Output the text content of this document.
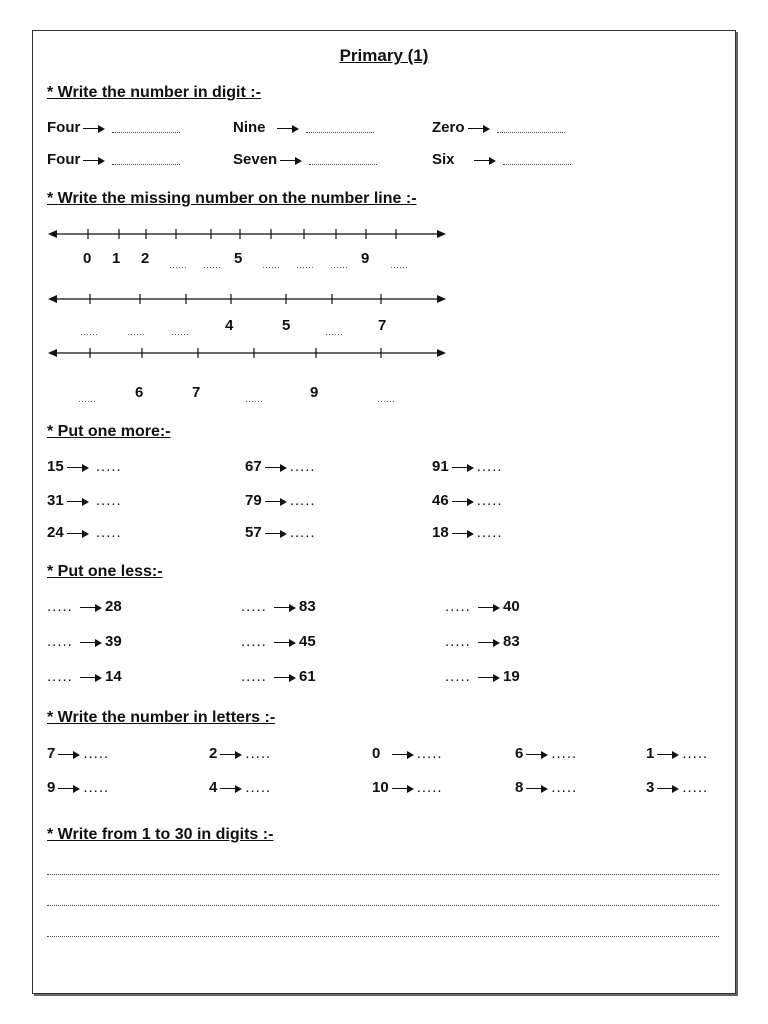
Primary (1)
* Write the number in digit :-
Four	Nine	Zero
Four	Seven	Six
* Write the missing number on the number line :-
0 1 2 …… …… 5 …… …… …… 9 ……
……	……	…… 4	5	…… 7
……	6	7	……	9	……
* Put one more:-
15 .....	67 .....	91 .....
31 .....	79 .....	46 .....
24 .....	57 .....	18 .....
* Put one less:-
..... 28	..... 83	..... 40
..... 39	..... 45	..... 83
..... 14	..... 61	..... 19
* Write the number in letters :-
7 .....	2 .....	0 .....	6 .....	1 .....
9 .....	4 .....	10 .....	8 .....	3 .....
* Write from 1 to 30 in digits :-
